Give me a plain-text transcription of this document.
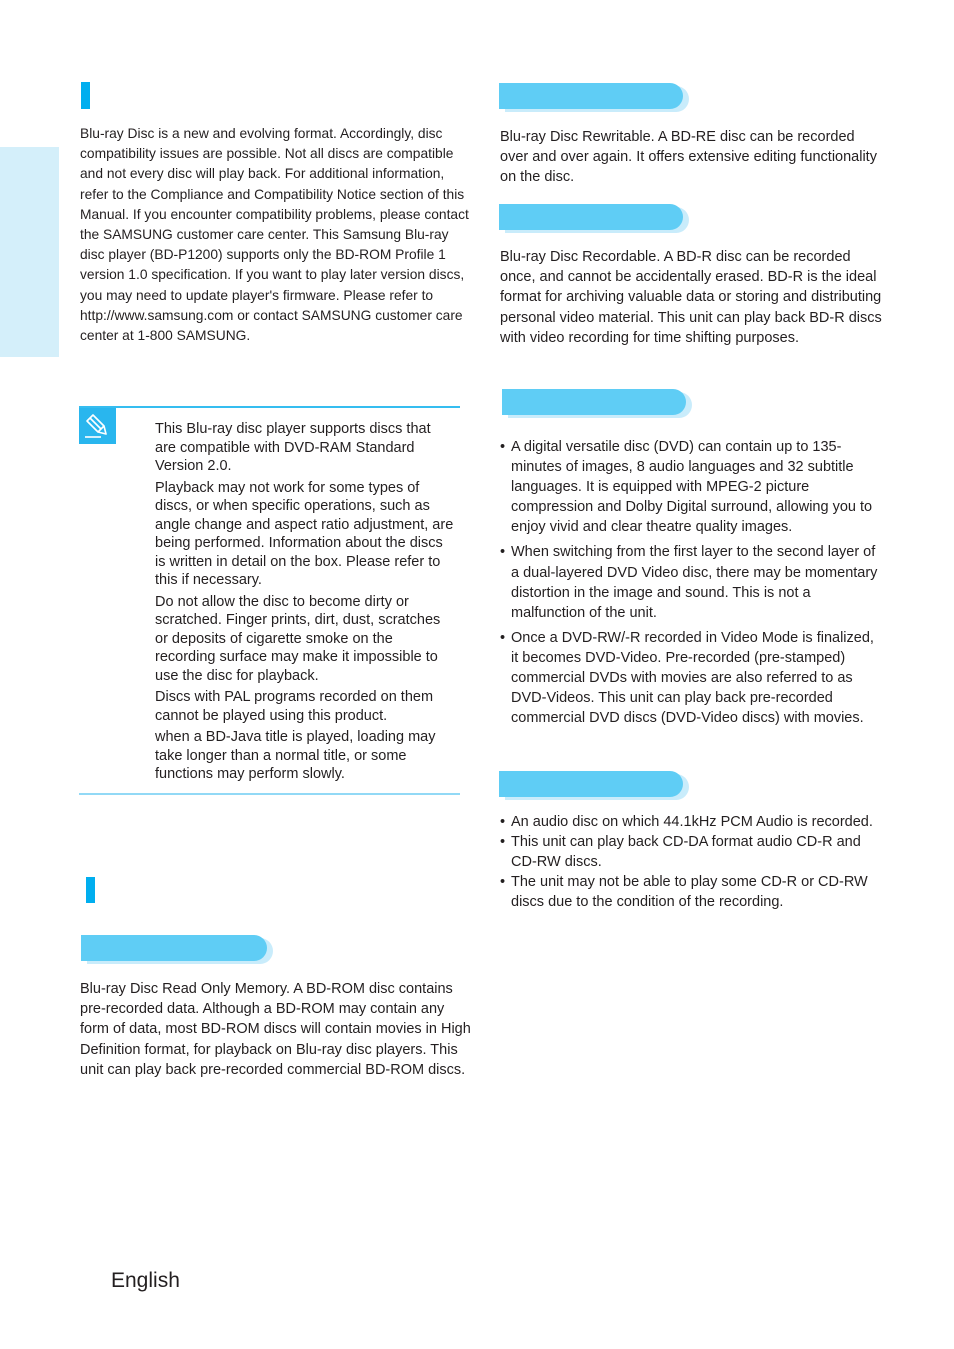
Blu-ray Disc is a new and evolving format. Accordingly, disc compatibility issues are possible. Not all discs are compatible and not every disc will play back. For additional information, refer to the Compliance and Compatibility Notice section of this Manual. If you encounter compatibility problems, please contact the SAMSUNG customer care center. This Samsung Blu-ray disc player (BD-P1200) supports only the BD-ROM Profile 1 version 1.0 specification. If you want to play later version discs, you may need to update player's firmware. Please refer to http://www.samsung.com or contact SAMSUNG customer care center at 1-800 SAMSUNG.

This Blu-ray disc player supports discs that are compatible with DVD-RAM Standard Version 2.0.
Playback may not work for some types of discs, or when specific operations, such as angle change and aspect ratio adjustment, are being performed. Information about the discs is written in detail on the box. Please refer to this if necessary.
Do not allow the disc to become dirty or scratched. Finger prints, dirt, dust, scratches or deposits of cigarette smoke on the recording surface may make it impossible to use the disc for playback.
Discs with PAL programs recorded on them cannot be played using this product.
when a BD-Java title is played, loading may take longer than a normal title, or some functions may perform slowly.

Blu-ray Disc Read Only Memory. A BD-ROM disc contains pre-recorded data. Although a BD-ROM may contain any form of data, most BD-ROM discs will contain movies in High Definition format, for playback on Blu-ray disc players. This unit can play back pre-recorded commercial BD-ROM discs.

Blu-ray Disc Rewritable. A BD-RE disc can be recorded over and over again. It offers extensive editing functionality on the disc.

Blu-ray Disc Recordable. A BD-R disc can be recorded once, and cannot be accidentally erased. BD-R is the ideal format for archiving valuable data or storing and distributing personal video material. This unit can play back BD-R discs with video recording for time shifting purposes.

• A digital versatile disc (DVD) can contain up to 135-minutes of images, 8 audio languages and 32 subtitle languages. It is equipped with MPEG-2 picture compression and Dolby Digital surround, allowing you to enjoy vivid and clear theatre quality images.
• When switching from the first layer to the second layer of a dual-layered DVD Video disc, there may be momentary distortion in the image and sound. This is not a malfunction of the unit.
• Once a DVD-RW/-R recorded in Video Mode is finalized, it becomes DVD-Video. Pre-recorded (pre-stamped) commercial DVDs with movies are also referred to as DVD-Videos. This unit can play back pre-recorded commercial DVD discs (DVD-Video discs) with movies.
• An audio disc on which 44.1kHz PCM Audio is recorded.
• This unit can play back CD-DA format audio CD-R and CD-RW discs.
• The unit may not be able to play some CD-R or CD-RW discs due to the condition of the recording.
English
